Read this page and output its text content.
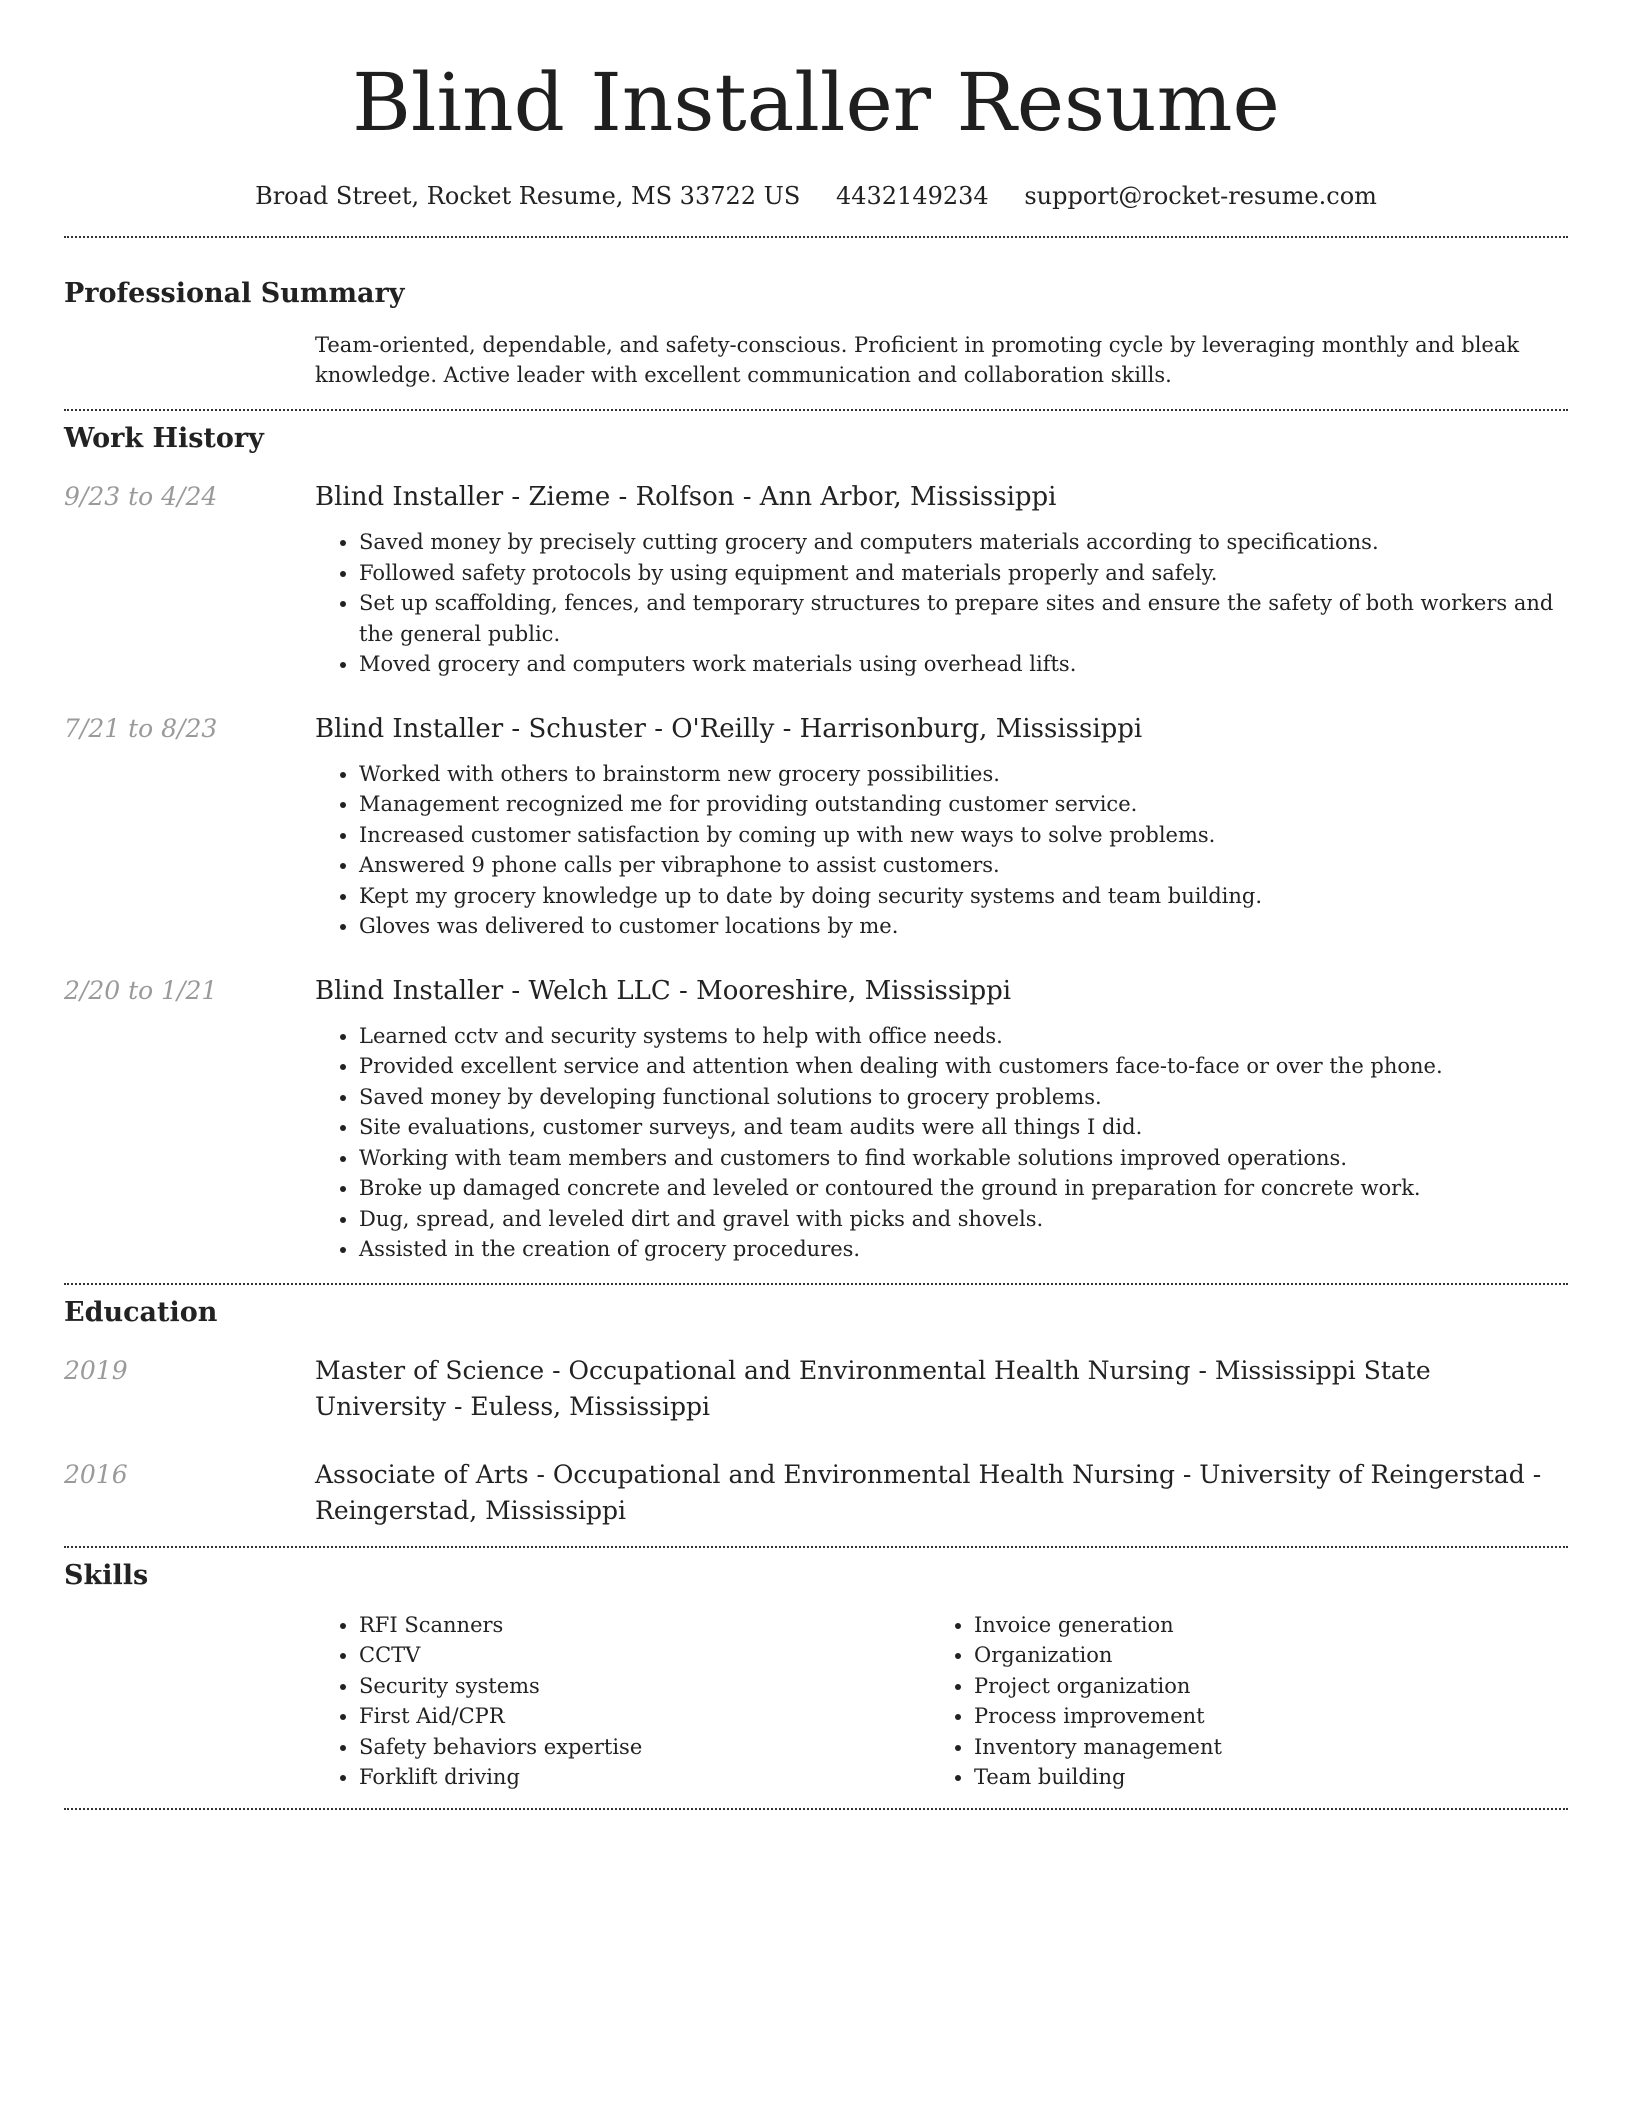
Blind Installer Resume
Broad Street, Rocket Resume, MS 33722 US 4432149234 support@rocket-resume.com
Professional Summary
Team-oriented, dependable, and safety-conscious. Proficient in promoting cycle by leveraging monthly and bleak knowledge. Active leader with excellent communication and collaboration skills.
Work History
9/23 to 4/24	Blind Installer - Zieme - Rolfson - Ann Arbor, Mississippi
• Saved money by precisely cutting grocery and computers materials according to specifications.
• Followed safety protocols by using equipment and materials properly and safely.
• Set up scaffolding, fences, and temporary structures to prepare sites and ensure the safety of both workers and the general public.
• Moved grocery and computers work materials using overhead lifts.
7/21 to 8/23	Blind Installer - Schuster - O'Reilly - Harrisonburg, Mississippi
• Worked with others to brainstorm new grocery possibilities.
• Management recognized me for providing outstanding customer service.
• Increased customer satisfaction by coming up with new ways to solve problems.
• Answered 9 phone calls per vibraphone to assist customers.
• Kept my grocery knowledge up to date by doing security systems and team building.
• Gloves was delivered to customer locations by me.
2/20 to 1/21	Blind Installer - Welch LLC - Mooreshire, Mississippi
• Learned cctv and security systems to help with office needs.
• Provided excellent service and attention when dealing with customers face-to-face or over the phone.
• Saved money by developing functional solutions to grocery problems.
• Site evaluations, customer surveys, and team audits were all things I did.
• Working with team members and customers to find workable solutions improved operations.
• Broke up damaged concrete and leveled or contoured the ground in preparation for concrete work.
• Dug, spread, and leveled dirt and gravel with picks and shovels.
• Assisted in the creation of grocery procedures.
Education
2019	Master of Science - Occupational and Environmental Health Nursing - Mississippi State University - Euless, Mississippi
2016	Associate of Arts - Occupational and Environmental Health Nursing - University of Reingerstad - Reingerstad, Mississippi
Skills
• RFI Scanners
• CCTV
• Security systems
• First Aid/CPR
• Safety behaviors expertise
• Forklift driving
• Invoice generation
• Organization
• Project organization
• Process improvement
• Inventory management
• Team building
